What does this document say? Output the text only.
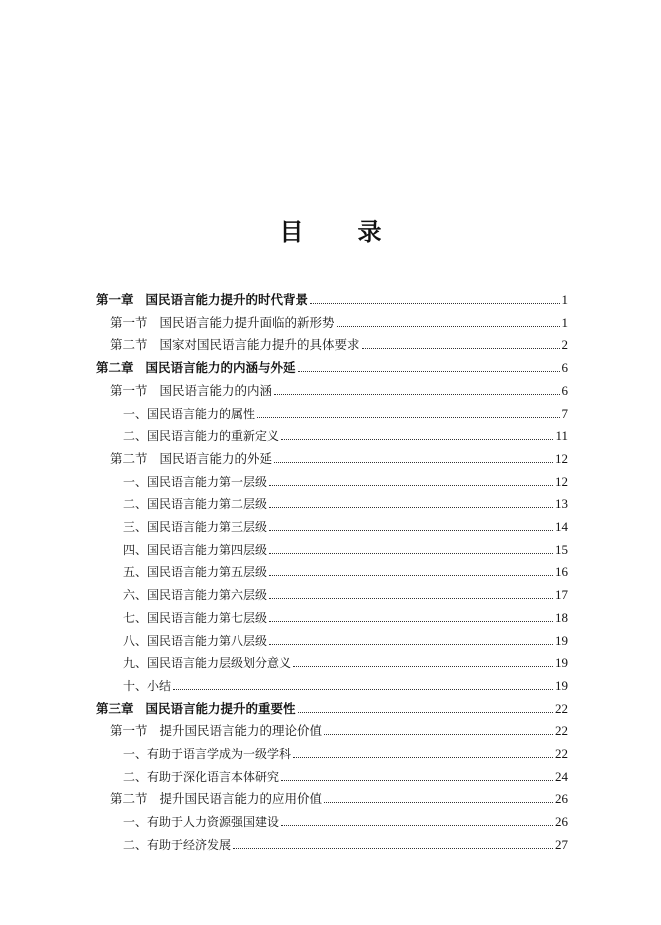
目 录
第一章 国民语言能力提升的时代背景	1
第一节 国民语言能力提升面临的新形势	1
第二节 国家对国民语言能力提升的具体要求	2
第二章 国民语言能力的内涵与外延	6
第一节 国民语言能力的内涵	6
一、国民语言能力的属性	7
二、国民语言能力的重新定义	11
第二节 国民语言能力的外延	12
一、国民语言能力第一层级	12
二、国民语言能力第二层级	13
三、国民语言能力第三层级	14
四、国民语言能力第四层级	15
五、国民语言能力第五层级	16
六、国民语言能力第六层级	17
七、国民语言能力第七层级	18
八、国民语言能力第八层级	19
九、国民语言能力层级划分意义	19
十、小结	19
第三章 国民语言能力提升的重要性	22
第一节 提升国民语言能力的理论价值	22
一、有助于语言学成为一级学科	22
二、有助于深化语言本体研究	24
第二节 提升国民语言能力的应用价值	26
一、有助于人力资源强国建设	26
二、有助于经济发展	27
